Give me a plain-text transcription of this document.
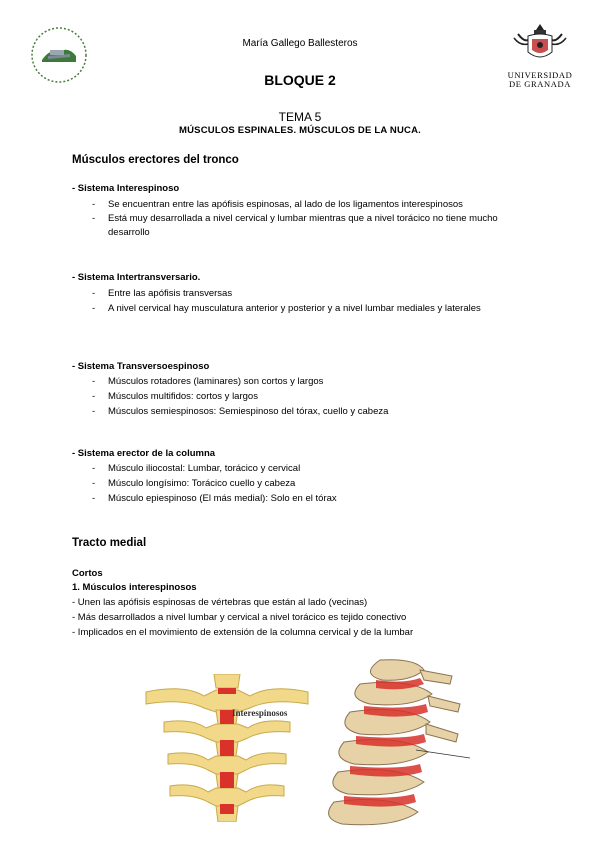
UNIVERSIDAD
DE GRANADA
María Gallego Ballesteros
BLOQUE 2
TEMA 5
MÚSCULOS ESPINALES. MÚSCULOS DE LA NUCA.
Músculos erectores del tronco
- Sistema Interespinoso
-	Se encuentran entre las apófisis espinosas, al lado de los ligamentos interespinosos
-	Está muy desarrollada a nivel cervical y lumbar mientras que a nivel torácico no tiene mucho desarrollo
- Sistema Intertransversario.
-	Entre las apófisis transversas
-	A nivel cervical hay musculatura anterior y posterior y a nivel lumbar mediales y laterales
- Sistema Transversoespinoso
-	Músculos rotadores (laminares) son cortos y largos
-	Músculos multifidos: cortos y largos
-	Músculos semiespinosos: Semiespinoso del tórax, cuello y cabeza
- Sistema erector de la columna
-	Músculo iliocostal: Lumbar, torácico y cervical
-	Músculo longísimo: Torácico cuello y cabeza
-	Músculo epiespinoso (El más medial): Solo en el tórax
Tracto medial
Cortos
1. Músculos interespinosos
- Unen las apófisis espinosas de vértebras que están al lado (vecinas)
- Más desarrollados a nivel lumbar y cervical a nivel torácico es tejido conectivo
- Implicados en el movimiento de extensión de la columna cervical y de la lumbar
Interespinosos
